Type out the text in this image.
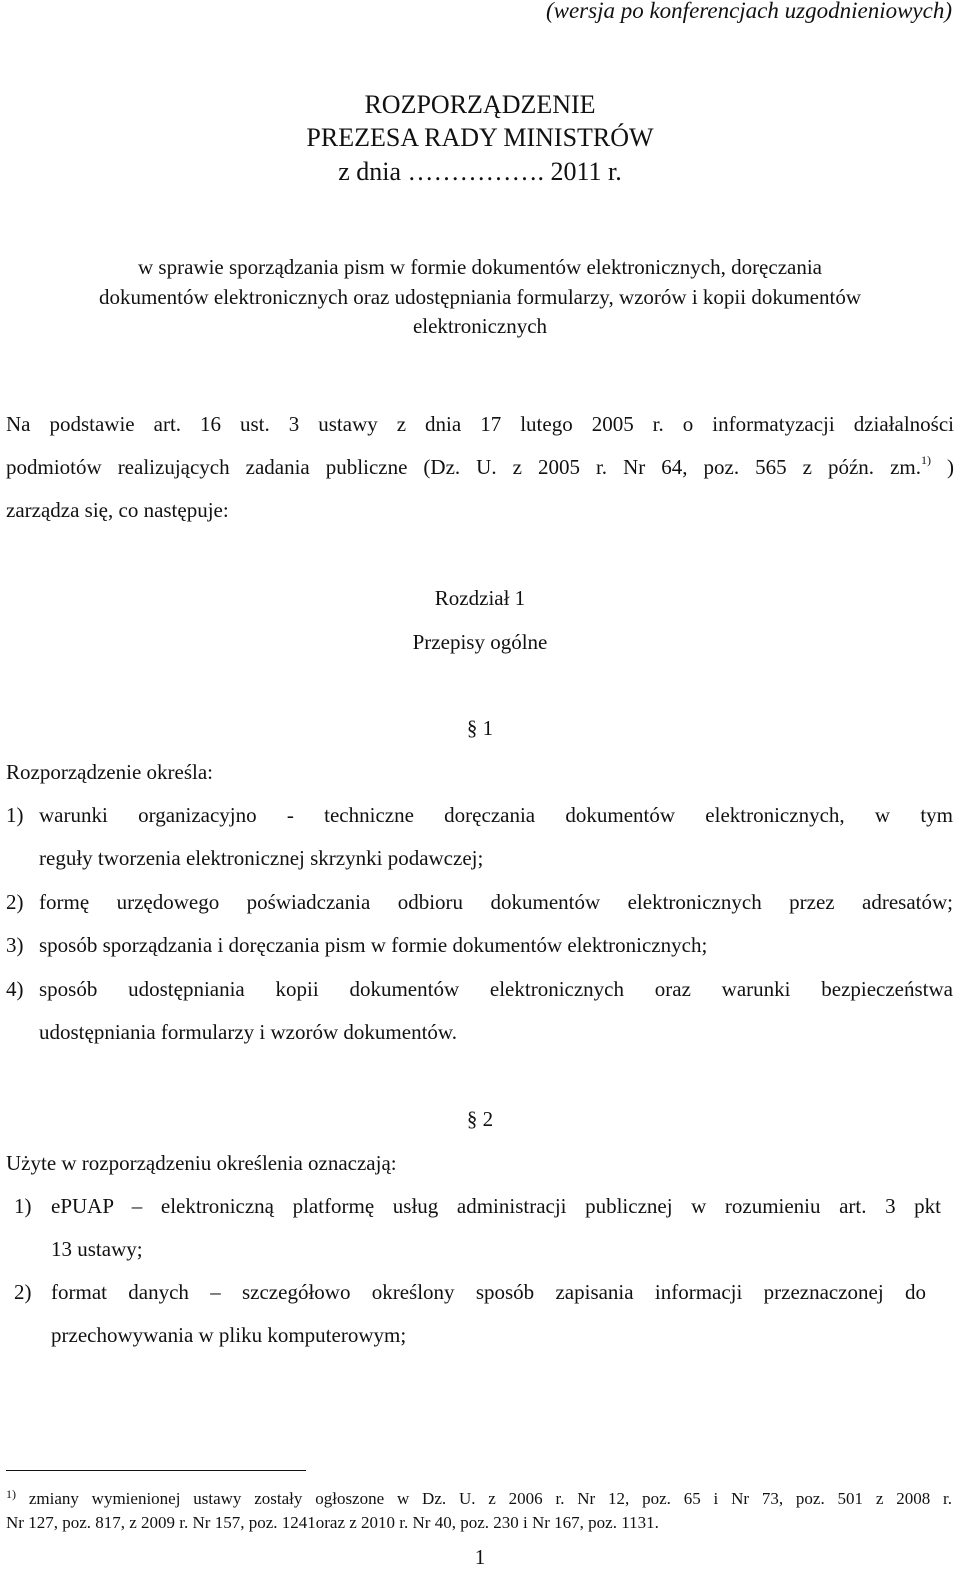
(wersja po konferencjach uzgodnieniowych)
ROZPORZĄDZENIE
PREZESA RADY MINISTRÓW
z dnia ……………. 2011 r.
w sprawie sporządzania pism w formie dokumentów elektronicznych, doręczania
dokumentów elektronicznych oraz udostępniania formularzy, wzorów i kopii dokumentów
elektronicznych
Na podstawie art. 16 ust. 3 ustawy z dnia 17 lutego 2005 r. o informatyzacji działalności
podmiotów realizujących zadania publiczne (Dz. U. z 2005 r. Nr 64, poz. 565 z późn. zm.$^{1)}$ )
zarządza się, co następuje:
Rozdział 1
Przepisy ogólne
§ 1
Rozporządzenie określa:
1) warunki organizacyjno - techniczne doręczania dokumentów elektronicznych, w tym
reguły tworzenia elektronicznej skrzynki podawczej;
2) formę urzędowego poświadczania odbioru dokumentów elektronicznych przez adresatów;
3) sposób sporządzania i doręczania pism w formie dokumentów elektronicznych;
4) sposób udostępniania kopii dokumentów elektronicznych oraz warunki bezpieczeństwa
udostępniania formularzy i wzorów dokumentów.
§ 2
Użyte w rozporządzeniu określenia oznaczają:
1) ePUAP – elektroniczną platformę usług administracji publicznej w rozumieniu art. 3 pkt
13 ustawy;
2) format danych – szczegółowo określony sposób zapisania informacji przeznaczonej do
przechowywania w pliku komputerowym;
$^{1)}$ zmiany wymienionej ustawy zostały ogłoszone w Dz. U. z 2006 r. Nr 12, poz. 65 i Nr 73, poz. 501 z 2008 r.
Nr 127, poz. 817, z 2009 r. Nr 157, poz. 1241oraz z 2010 r. Nr 40, poz. 230 i Nr 167, poz. 1131.
1
